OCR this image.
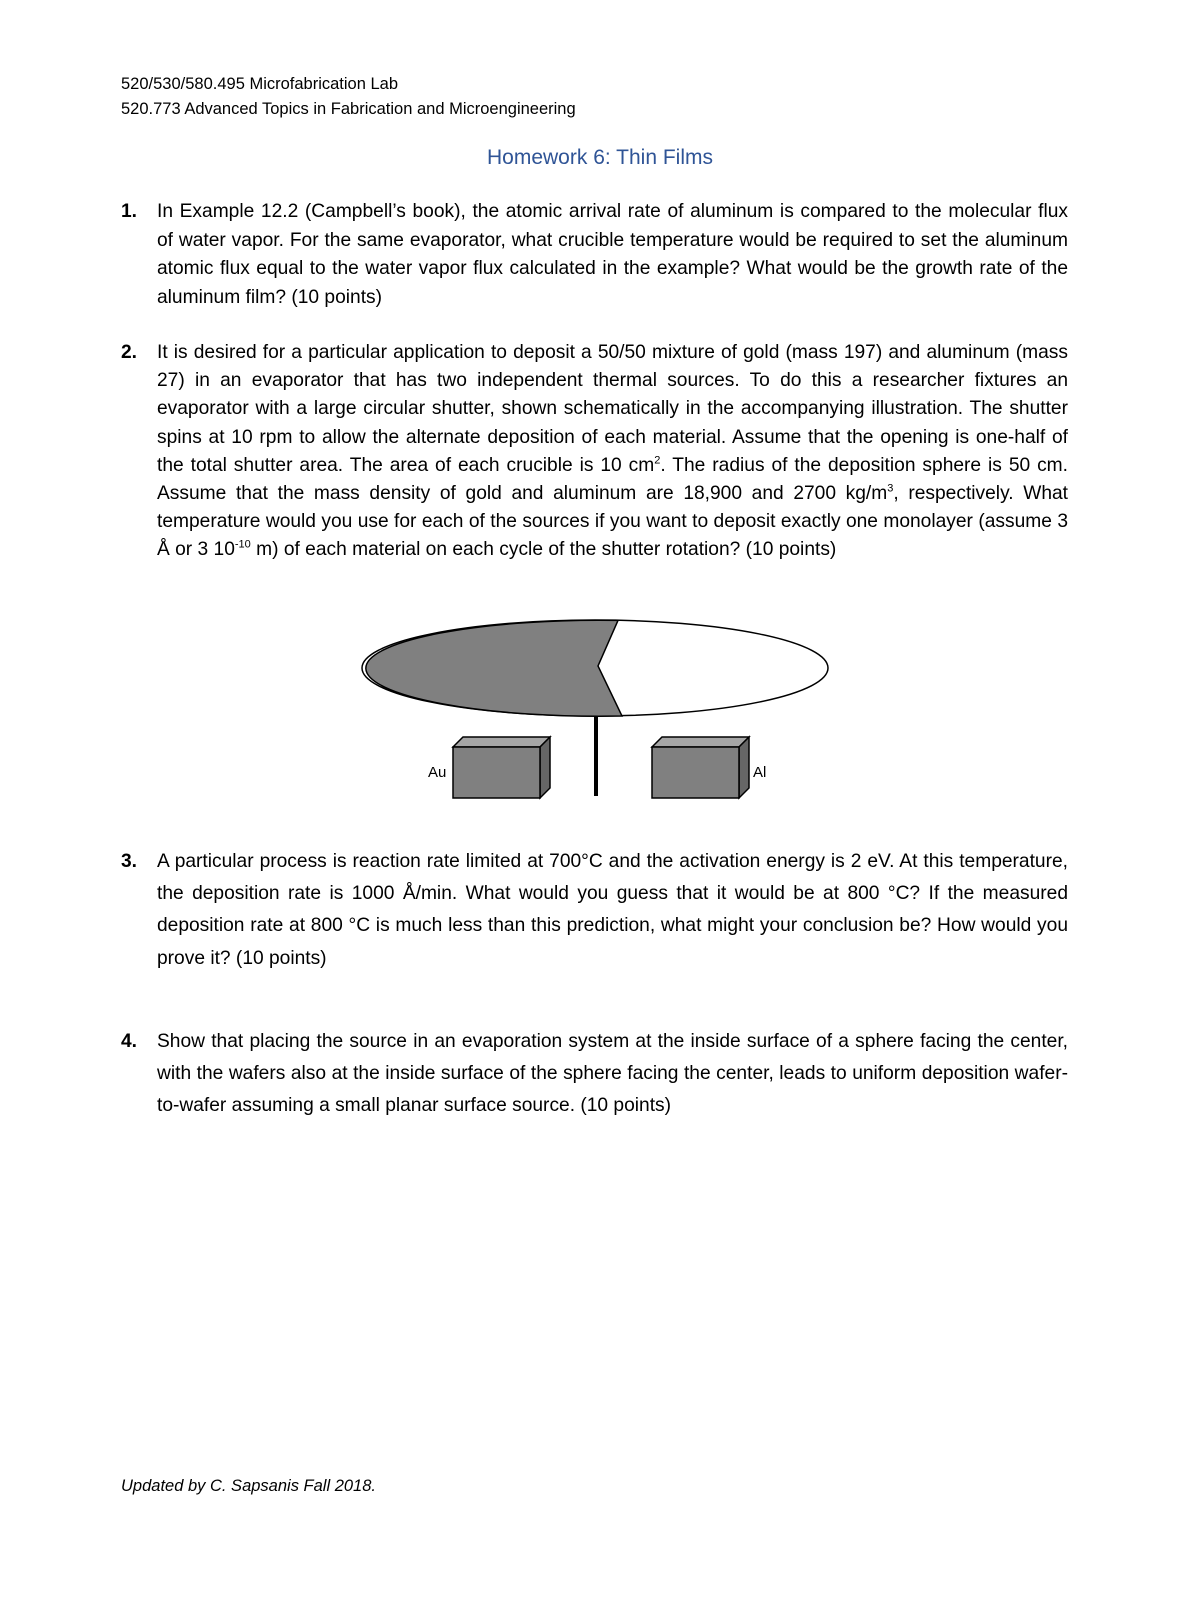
520/530/580.495 Microfabrication Lab
520.773 Advanced Topics in Fabrication and Microengineering
Homework 6: Thin Films
1. In Example 12.2 (Campbell’s book), the atomic arrival rate of aluminum is compared to the molecular flux of water vapor. For the same evaporator, what crucible temperature would be required to set the aluminum atomic flux equal to the water vapor flux calculated in the example? What would be the growth rate of the aluminum film? (10 points)
2. It is desired for a particular application to deposit a 50/50 mixture of gold (mass 197) and aluminum (mass 27) in an evaporator that has two independent thermal sources. To do this a researcher fixtures an evaporator with a large circular shutter, shown schematically in the accompanying illustration. The shutter spins at 10 rpm to allow the alternate deposition of each material. Assume that the opening is one-half of the total shutter area. The area of each crucible is 10 $cm^2$. The radius of the deposition sphere is 50 cm. Assume that the mass density of gold and aluminum are 18,900 and 2700 $kg/m^3$, respectively. What temperature would you use for each of the sources if you want to deposit exactly one monolayer (assume 3 Å or 3 $10^{-10}$ m) of each material on each cycle of the shutter rotation? (10 points)
Au	Al
3. A particular process is reaction rate limited at 700°C and the activation energy is 2 eV. At this temperature, the deposition rate is 1000 Å/min. What would you guess that it would be at 800 °C? If the measured deposition rate at 800 °C is much less than this prediction, what might your conclusion be? How would you prove it? (10 points)
4. Show that placing the source in an evaporation system at the inside surface of a sphere facing the center, with the wafers also at the inside surface of the sphere facing the center, leads to uniform deposition wafer-to-wafer assuming a small planar surface source. (10 points)
Updated by C. Sapsanis Fall 2018.
